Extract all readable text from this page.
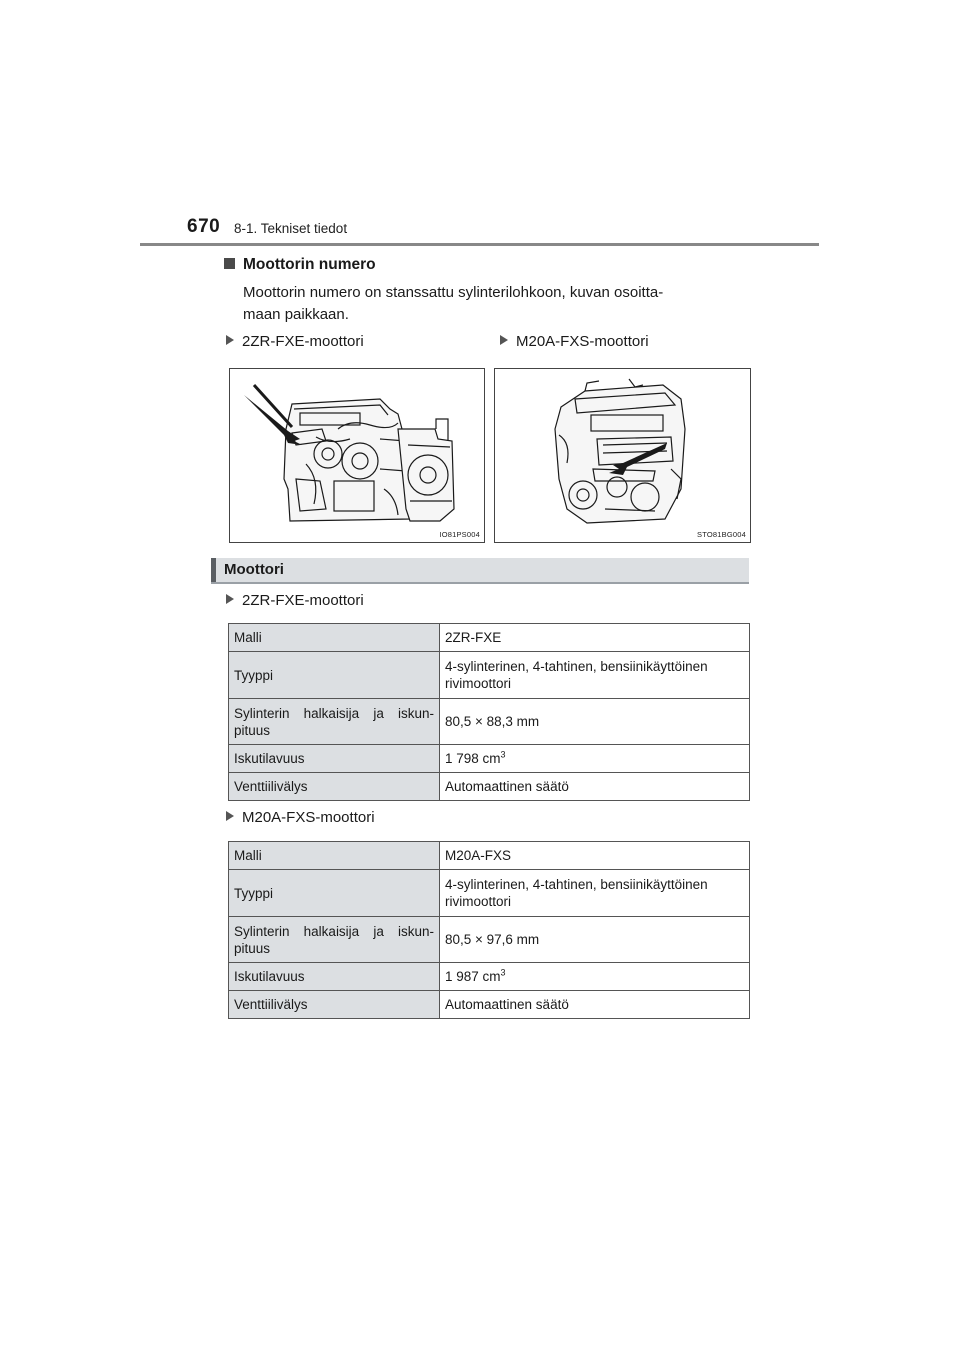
670 8-1. Tekniset tiedot
Moottorin numero
Moottorin numero on stanssattu sylinterilohkoon, kuvan osoitta-
maan paikkaan.
2ZR-FXE-moottori	M20A-FXS-moottori
IO81PS004	STO81BG004
Moottori
2ZR-FXE-moottori
Malli	2ZR-FXE
Tyyppi	4-sylinterinen, 4-tahtinen, bensiinikäyttöinen
rivimoottori

Sylinterin halkaisija ja iskun-
pituus	80,5 × 88,3 mm
Iskutilavuus	1 798 $cm^3$
Venttiilivälys	Automaattinen säätö
M20A-FXS-moottori
Malli	M20A-FXS
Tyyppi	4-sylinterinen, 4-tahtinen, bensiinikäyttöinen
rivimoottori

Sylinterin halkaisija ja iskun-
pituus	80,5 × 97,6 mm
Iskutilavuus	1 987 $cm^3$
Venttiilivälys	Automaattinen säätö
